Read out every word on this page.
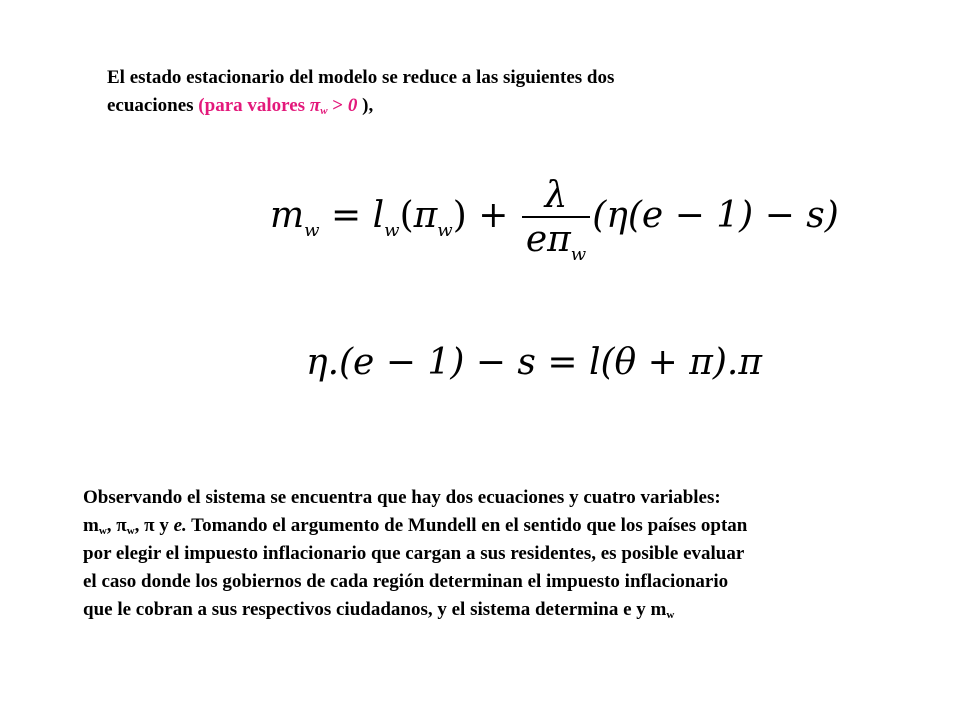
El estado estacionario del modelo se reduce a las siguientes dos
ecuaciones (para valores $\pi_w > 0$ ),
$m_w = l_w(\pi_w) + \frac{\lambda}{e\pi_w} (\eta(e - 1) - s)$
η.(e − 1) − s = l(θ + π).π
Observando el sistema se encuentra que hay dos ecuaciones y cuatro variables:
$m_w$, $\pi_w$, π y e. Tomando el argumento de Mundell en el sentido que los países optan
por elegir el impuesto inflacionario que cargan a sus residentes, es posible evaluar
el caso donde los gobiernos de cada región determinan el impuesto inflacionario
que le cobran a sus respectivos ciudadanos, y el sistema determina e y $m_w$
